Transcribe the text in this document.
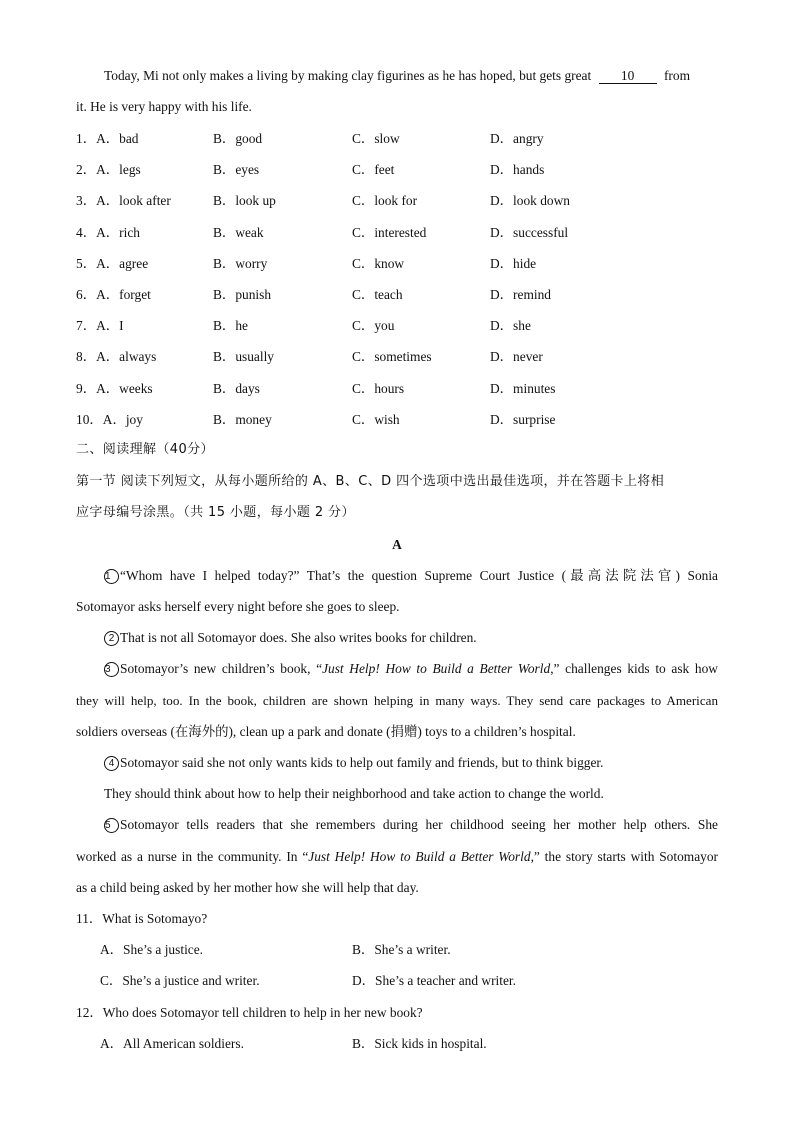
Today, Mi not only makes a living by making clay figurines as he has hoped, but gets great 10 from
it. He is very happy with his life.
1．A．bad	B．good	C．slow	D．angry
2．A．legs	B．eyes	C．feet	D．hands
3．A．look after	B．look up	C．look for	D．look down
4．A．rich	B．weak	C．interested	D．successful
5．A．agree	B．worry	C．know	D．hide
6．A．forget	B．punish	C．teach	D．remind
7．A．I	B．he	C．you	D．she
8．A．always	B．usually	C．sometimes	D．never
9．A．weeks	B．days	C．hours	D．minutes
10．A．joy	B．money	C．wish	D．surprise
二、阅读理解（40分）
第一节 阅读下列短文，从每小题所给的 A、B、C、D 四个选项中选出最佳选项，并在答题卡上将相
应字母编号涂黑。（共 15 小题，每小题 2 分）
A
1 “Whom have I helped today?” That’s the question Supreme Court Justice (最高法院法官) Sonia
Sotomayor asks herself every night before she goes to sleep.
2 That is not all Sotomayor does. She also writes books for children.
3 Sotomayor’s new children’s book, “Just Help! How to Build a Better World,” challenges kids to ask how
they will help, too. In the book, children are shown helping in many ways. They send care packages to American
soldiers overseas (在海外的), clean up a park and donate (捐赠) toys to a children’s hospital.
4 Sotomayor said she not only wants kids to help out family and friends, but to think bigger.
They should think about how to help their neighborhood and take action to change the world.
5 Sotomayor tells readers that she remembers during her childhood seeing her mother help others. She
worked as a nurse in the community. In “Just Help! How to Build a Better World,” the story starts with Sotomayor
as a child being asked by her mother how she will help that day.
11．What is Sotomayo?
A．She’s a justice.	B．She’s a writer.
C．She’s a justice and writer.	D．She’s a teacher and writer.
12．Who does Sotomayor tell children to help in her new book?
A．All American soldiers.	B．Sick kids in hospital.
